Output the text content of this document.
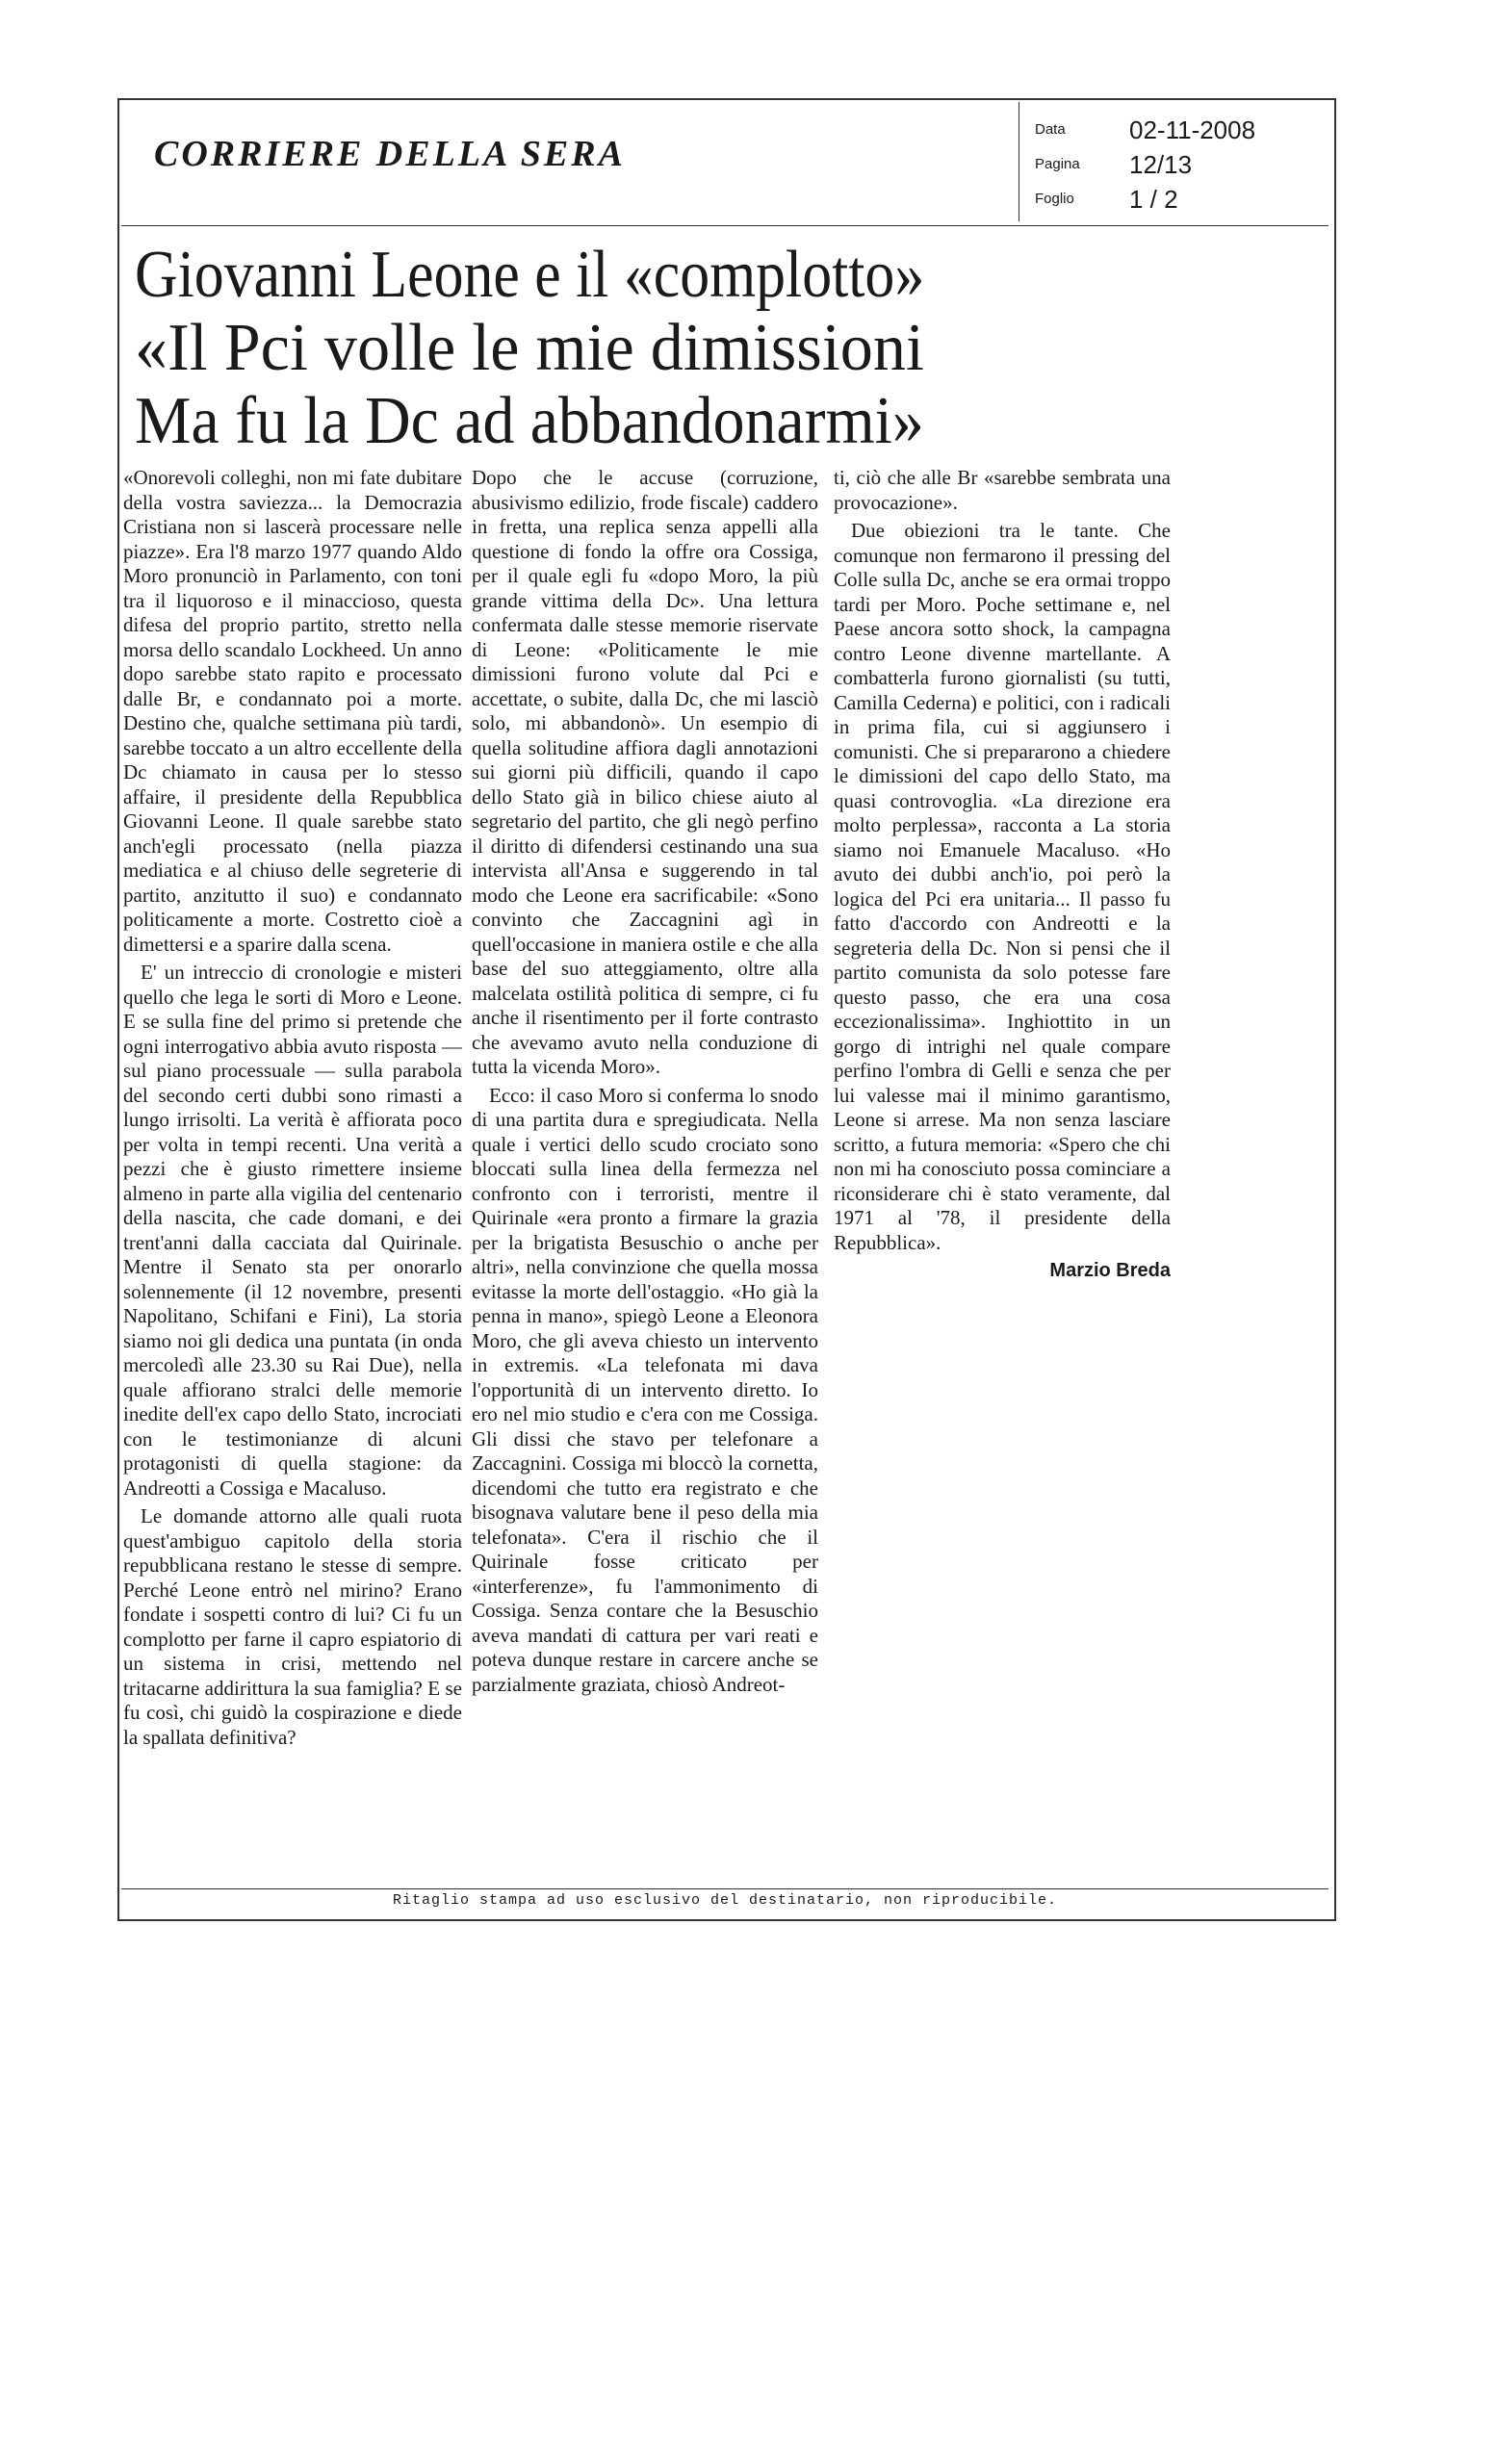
CORRIERE DELLA SERA
Data	02-11-2008
Pagina	12/13
Foglio	1 / 2
Giovanni Leone e il «complotto»
«Il Pci volle le mie dimissioni
Ma fu la Dc ad abbandonarmi»

«Onorevoli colleghi, non mi fate dubitare della vostra saviezza... la Democrazia Cristiana non si lascerà processare nelle piazze». Era l'8 marzo 1977 quando Aldo Moro pronunciò in Parlamento, con toni tra il liquoroso e il minaccioso, questa difesa del proprio partito, stretto nella morsa dello scandalo Lockheed. Un anno dopo sarebbe stato rapito e processato dalle Br, e condannato poi a morte. Destino che, qualche settimana più tardi, sarebbe toccato a un altro eccellente della Dc chiamato in causa per lo stesso affaire, il presidente della Repubblica Giovanni Leone. Il quale sarebbe stato anch'egli processato (nella piazza mediatica e al chiuso delle segreterie di partito, anzitutto il suo) e condannato politicamente a morte. Costretto cioè a dimettersi e a sparire dalla scena.

E' un intreccio di cronologie e misteri quello che lega le sorti di Moro e Leone. E se sulla fine del primo si pretende che ogni interrogativo abbia avuto risposta — sul piano processuale — sulla parabola del secondo certi dubbi sono rimasti a lungo irrisolti. La verità è affiorata poco per volta in tempi recenti. Una verità a pezzi che è giusto rimettere insieme almeno in parte alla vigilia del centenario della nascita, che cade domani, e dei trent'anni dalla cacciata dal Quirinale. Mentre il Senato sta per onorarlo solennemente (il 12 novembre, presenti Napolitano, Schifani e Fini), La storia siamo noi gli dedica una puntata (in onda mercoledì alle 23.30 su Rai Due), nella quale affiorano stralci delle memorie inedite dell'ex capo dello Stato, incrociati con le testimonianze di alcuni protagonisti di quella stagione: da Andreotti a Cossiga e Macaluso.

Le domande attorno alle quali ruota quest'ambiguo capitolo della storia repubblicana restano le stesse di sempre. Perché Leone entrò nel mirino? Erano fondate i sospetti contro di lui? Ci fu un complotto per farne il capro espiatorio di un sistema in crisi, mettendo nel tritacarne addirittura la sua famiglia? E se fu così, chi guidò la cospirazione e diede la spallata definitiva?

Dopo che le accuse (corruzione, abusivismo edilizio, frode fiscale) caddero in fretta, una replica senza appelli alla questione di fondo la offre ora Cossiga, per il quale egli fu «dopo Moro, la più grande vittima della Dc». Una lettura confermata dalle stesse memorie riservate di Leone: «Politicamente le mie dimissioni furono volute dal Pci e accettate, o subite, dalla Dc, che mi lasciò solo, mi abbandonò». Un esempio di quella solitudine affiora dagli annotazioni sui giorni più difficili, quando il capo dello Stato già in bilico chiese aiuto al segretario del partito, che gli negò perfino il diritto di difendersi cestinando una sua intervista all'Ansa e suggerendo in tal modo che Leone era sacrificabile: «Sono convinto che Zaccagnini agì in quell'occasione in maniera ostile e che alla base del suo atteggiamento, oltre alla malcelata ostilità politica di sempre, ci fu anche il risentimento per il forte contrasto che avevamo avuto nella conduzione di tutta la vicenda Moro».

Ecco: il caso Moro si conferma lo snodo di una partita dura e spregiudicata. Nella quale i vertici dello scudo crociato sono bloccati sulla linea della fermezza nel confronto con i terroristi, mentre il Quirinale «era pronto a firmare la grazia per la brigatista Besuschio o anche per altri», nella convinzione che quella mossa evitasse la morte dell'ostaggio. «Ho già la penna in mano», spiegò Leone a Eleonora Moro, che gli aveva chiesto un intervento in extremis. «La telefonata mi dava l'opportunità di un intervento diretto. Io ero nel mio studio e c'era con me Cossiga. Gli dissi che stavo per telefonare a Zaccagnini. Cossiga mi bloccò la cornetta, dicendomi che tutto era registrato e che bisognava valutare bene il peso della mia telefonata». C'era il rischio che il Quirinale fosse criticato per «interferenze», fu l'ammonimento di Cossiga. Senza contare che la Besuschio aveva mandati di cattura per vari reati e poteva dunque restare in carcere anche se parzialmente graziata, chiosò Andreot-

ti, ciò che alle Br «sarebbe sembrata una provocazione».

Due obiezioni tra le tante. Che comunque non fermarono il pressing del Colle sulla Dc, anche se era ormai troppo tardi per Moro. Poche settimane e, nel Paese ancora sotto shock, la campagna contro Leone divenne martellante. A combatterla furono giornalisti (su tutti, Camilla Cederna) e politici, con i radicali in prima fila, cui si aggiunsero i comunisti. Che si prepararono a chiedere le dimissioni del capo dello Stato, ma quasi controvoglia. «La direzione era molto perplessa», racconta a La storia siamo noi Emanuele Macaluso. «Ho avuto dei dubbi anch'io, poi però la logica del Pci era unitaria... Il passo fu fatto d'accordo con Andreotti e la segreteria della Dc. Non si pensi che il partito comunista da solo potesse fare questo passo, che era una cosa eccezionalissima». Inghiottito in un gorgo di intrighi nel quale compare perfino l'ombra di Gelli e senza che per lui valesse mai il minimo garantismo, Leone si arrese. Ma non senza lasciare scritto, a futura memoria: «Spero che chi non mi ha conosciuto possa cominciare a riconsiderare chi è stato veramente, dal 1971 al '78, il presidente della Repubblica».

Marzio Breda
Ritaglio stampa ad uso esclusivo del destinatario, non riproducibile.
